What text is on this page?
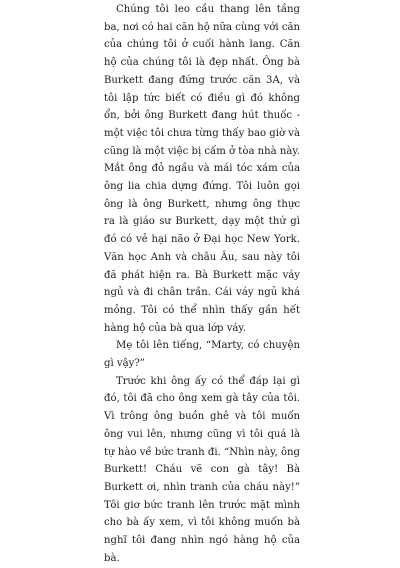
Chúng tôi leo cầu thang lên tầng ba, nơi có hai căn hộ nữa cùng với căn của chúng tôi ở cuối hành lang. Căn hộ của chúng tôi là đẹp nhất. Ông bà Burkett đang đứng trước căn 3A, và tôi lập tức biết có điều gì đó không ổn, bởi ông Burkett đang hút thuốc - một việc tôi chưa từng thấy bao giờ và cũng là một việc bị cấm ở tòa nhà này. Mắt ông đỏ ngầu và mái tóc xám của ông lia chia dựng đứng. Tôi luôn gọi ông là ông Burkett, nhưng ông thực ra là giáo sư Burkett, dạy một thứ gì đó có vẻ hại não ở Đại học New York. Văn học Anh và châu Âu, sau này tôi đã phát hiện ra. Bà Burkett mặc váy ngủ và đi chân trần. Cái váy ngủ khá mỏng. Tôi có thể nhìn thấy gần hết hàng hộ của bà qua lớp váy.

Mẹ tôi lên tiếng, “Marty, có chuyện gì vậy?”

Trước khi ông ấy có thể đáp lại gì đó, tôi đã cho ông xem gà tây của tôi. Vì trông ông buồn ghê và tôi muốn ông vui lên, nhưng cũng vì tôi quá là tự hào về bức tranh đi. “Nhìn này, ông Burkett! Cháu vẽ con gà tây! Bà Burkett ơi, nhìn tranh của cháu này!” Tôi giơ bức tranh lên trước mặt mình cho bà ấy xem, vì tôi không muốn bà nghĩ tôi đang nhìn ngó hàng hộ của bà.
